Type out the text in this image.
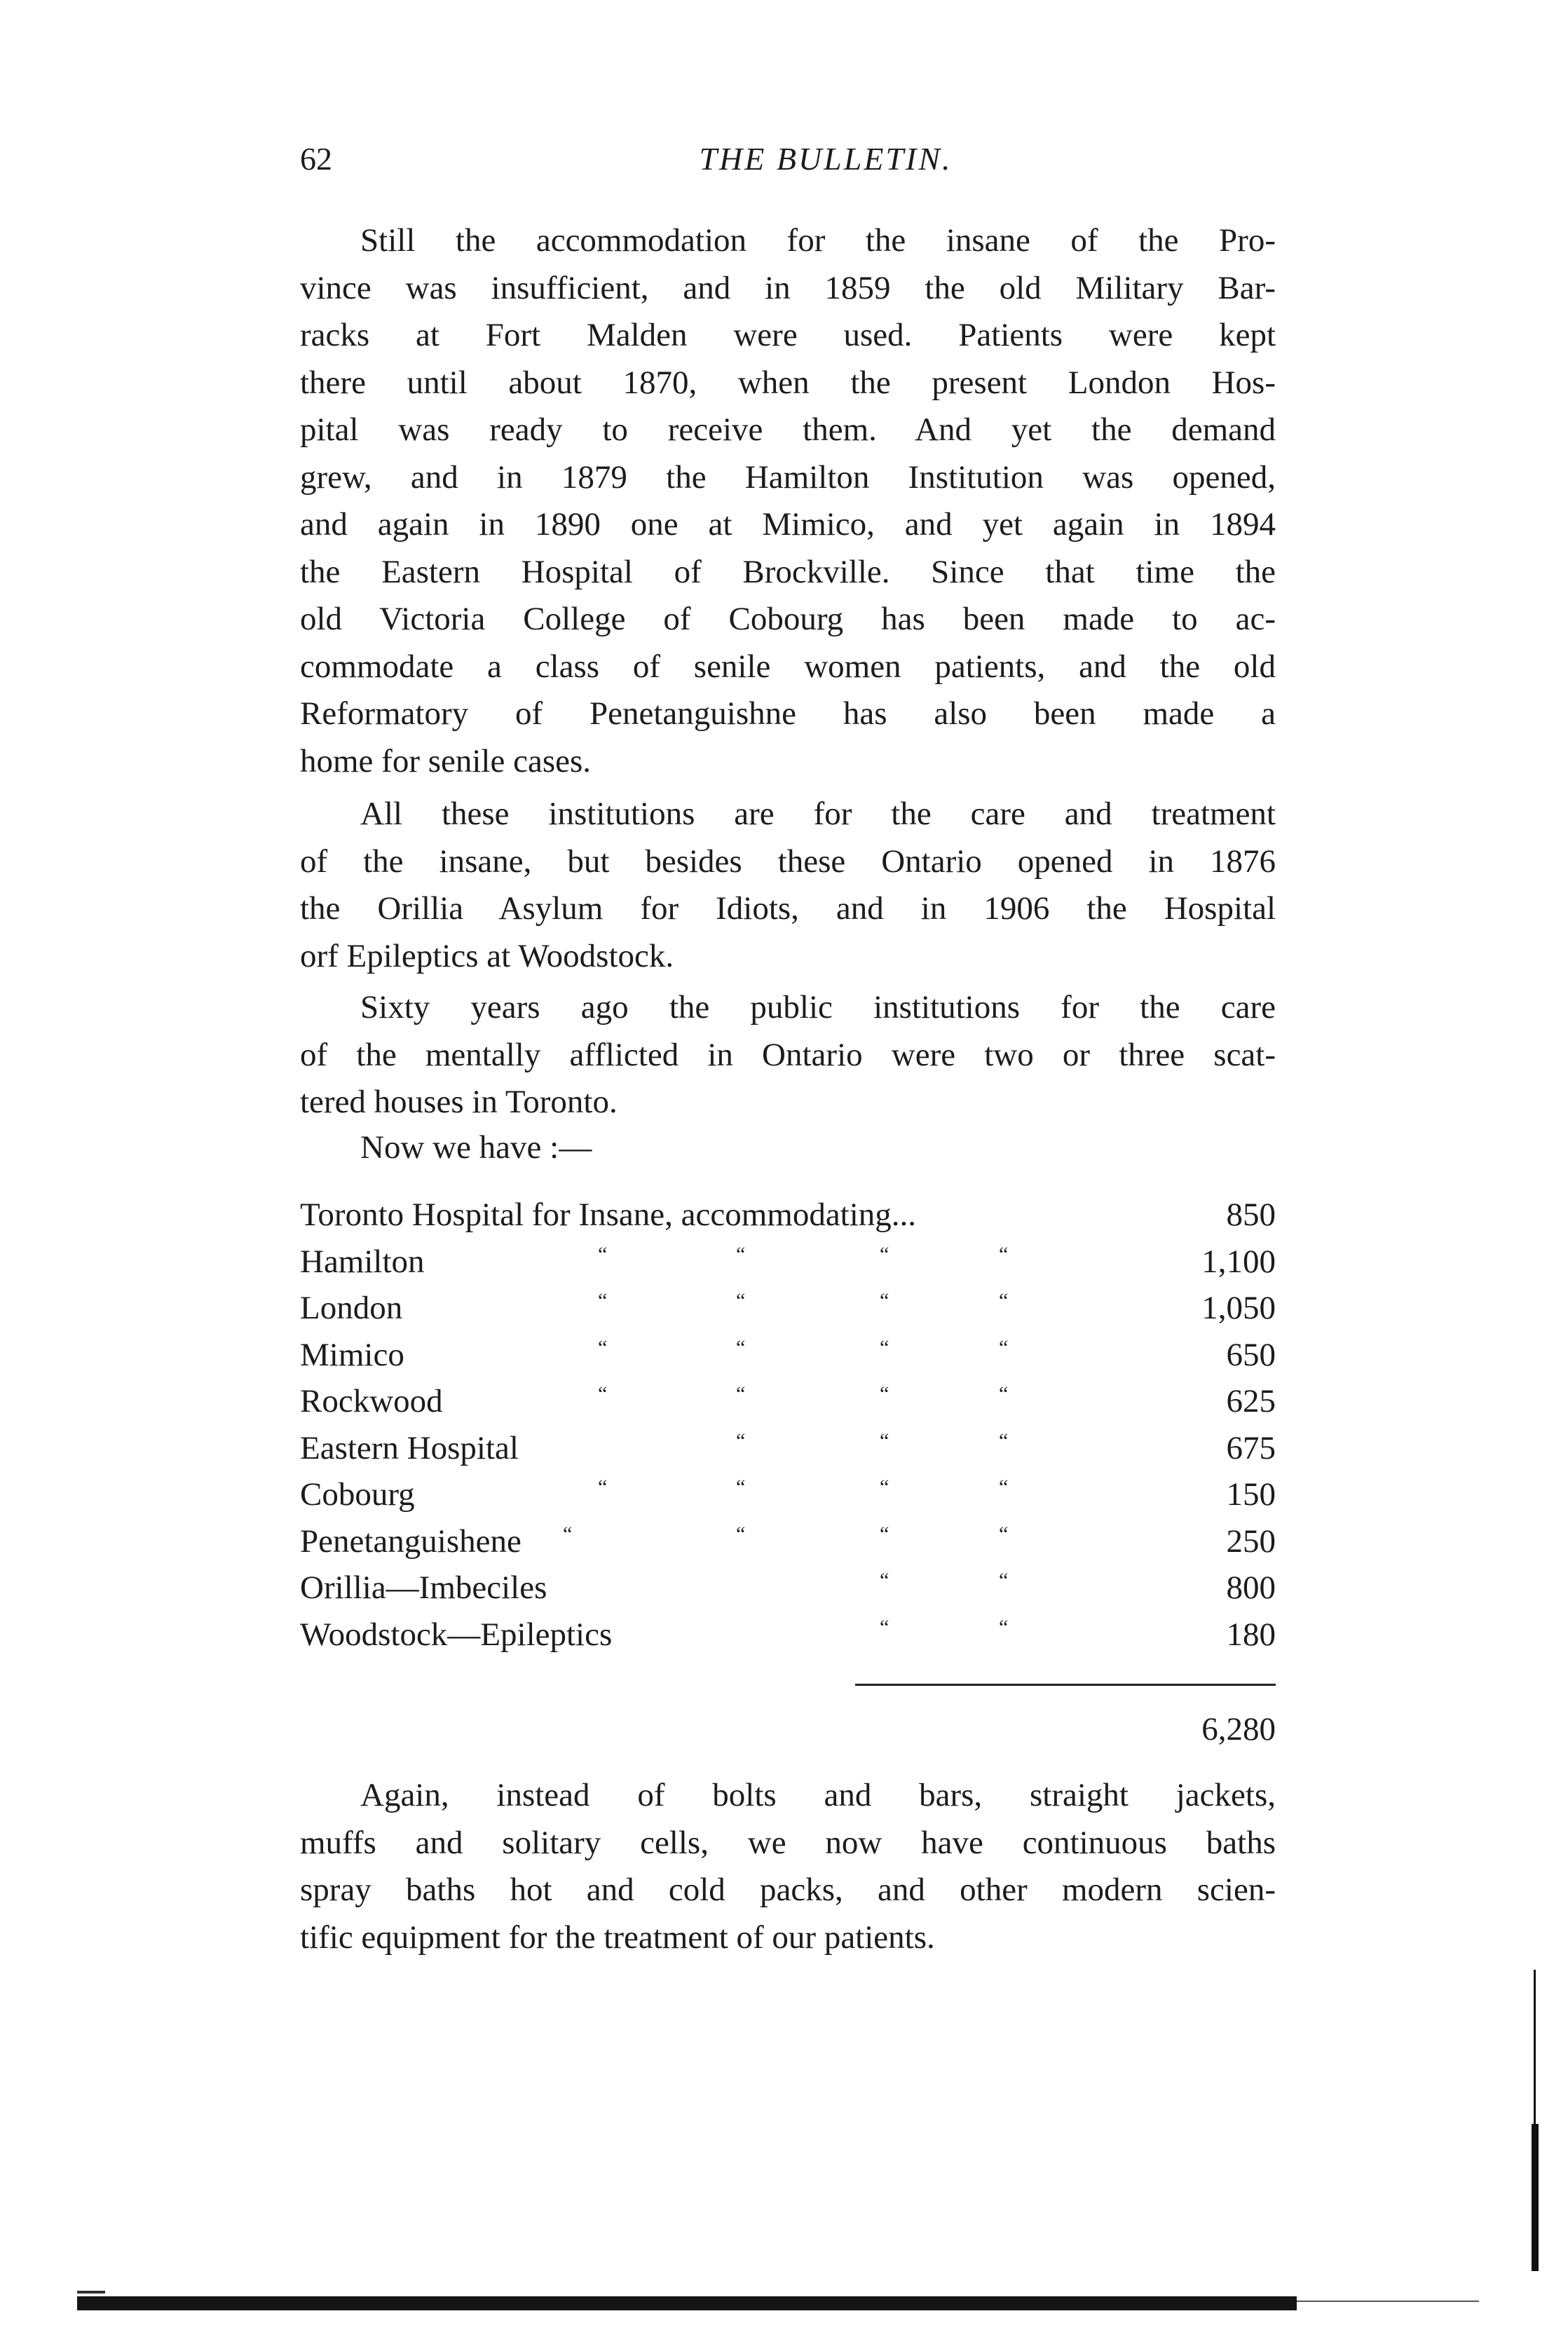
62	THE BULLETIN.
Still the accommodation for the insane of the Pro-
vince was insufficient, and in 1859 the old Military Bar-
racks at Fort Malden were used. Patients were kept
there until about 1870, when the present London Hos-
pital was ready to receive them. And yet the demand
grew, and in 1879 the Hamilton Institution was opened,
and again in 1890 one at Mimico, and yet again in 1894
the Eastern Hospital of Brockville. Since that time the
old Victoria College of Cobourg has been made to ac-
commodate a class of senile women patients, and the old
Reformatory of Penetanguishne has also been made a
home for senile cases.
All these institutions are for the care and treatment
of the insane, but besides these Ontario opened in 1876
the Orillia Asylum for Idiots, and in 1906 the Hospital
orf Epileptics at Woodstock.
Sixty years ago the public institutions for the care
of the mentally afflicted in Ontario were two or three scat-
tered houses in Toronto.
Now we have :—
Toronto Hospital for Insane, accommodating...	850
Hamilton	“	“	“	“	1,100
London	“	“	“	“	1,050
Mimico	“	“	“	“	650
Rockwood	“	“	“	“	625
Eastern Hospital	“	“	“	675
Cobourg	“	“	“	“	150
Penetanguishene “	“	“	“	250
Orillia—Imbeciles	“	“	800
Woodstock—Epileptics	“	“	180
6,280
Again, instead of bolts and bars, straight jackets,
muffs and solitary cells, we now have continuous baths
spray baths hot and cold packs, and other modern scien-
tific equipment for the treatment of our patients.
